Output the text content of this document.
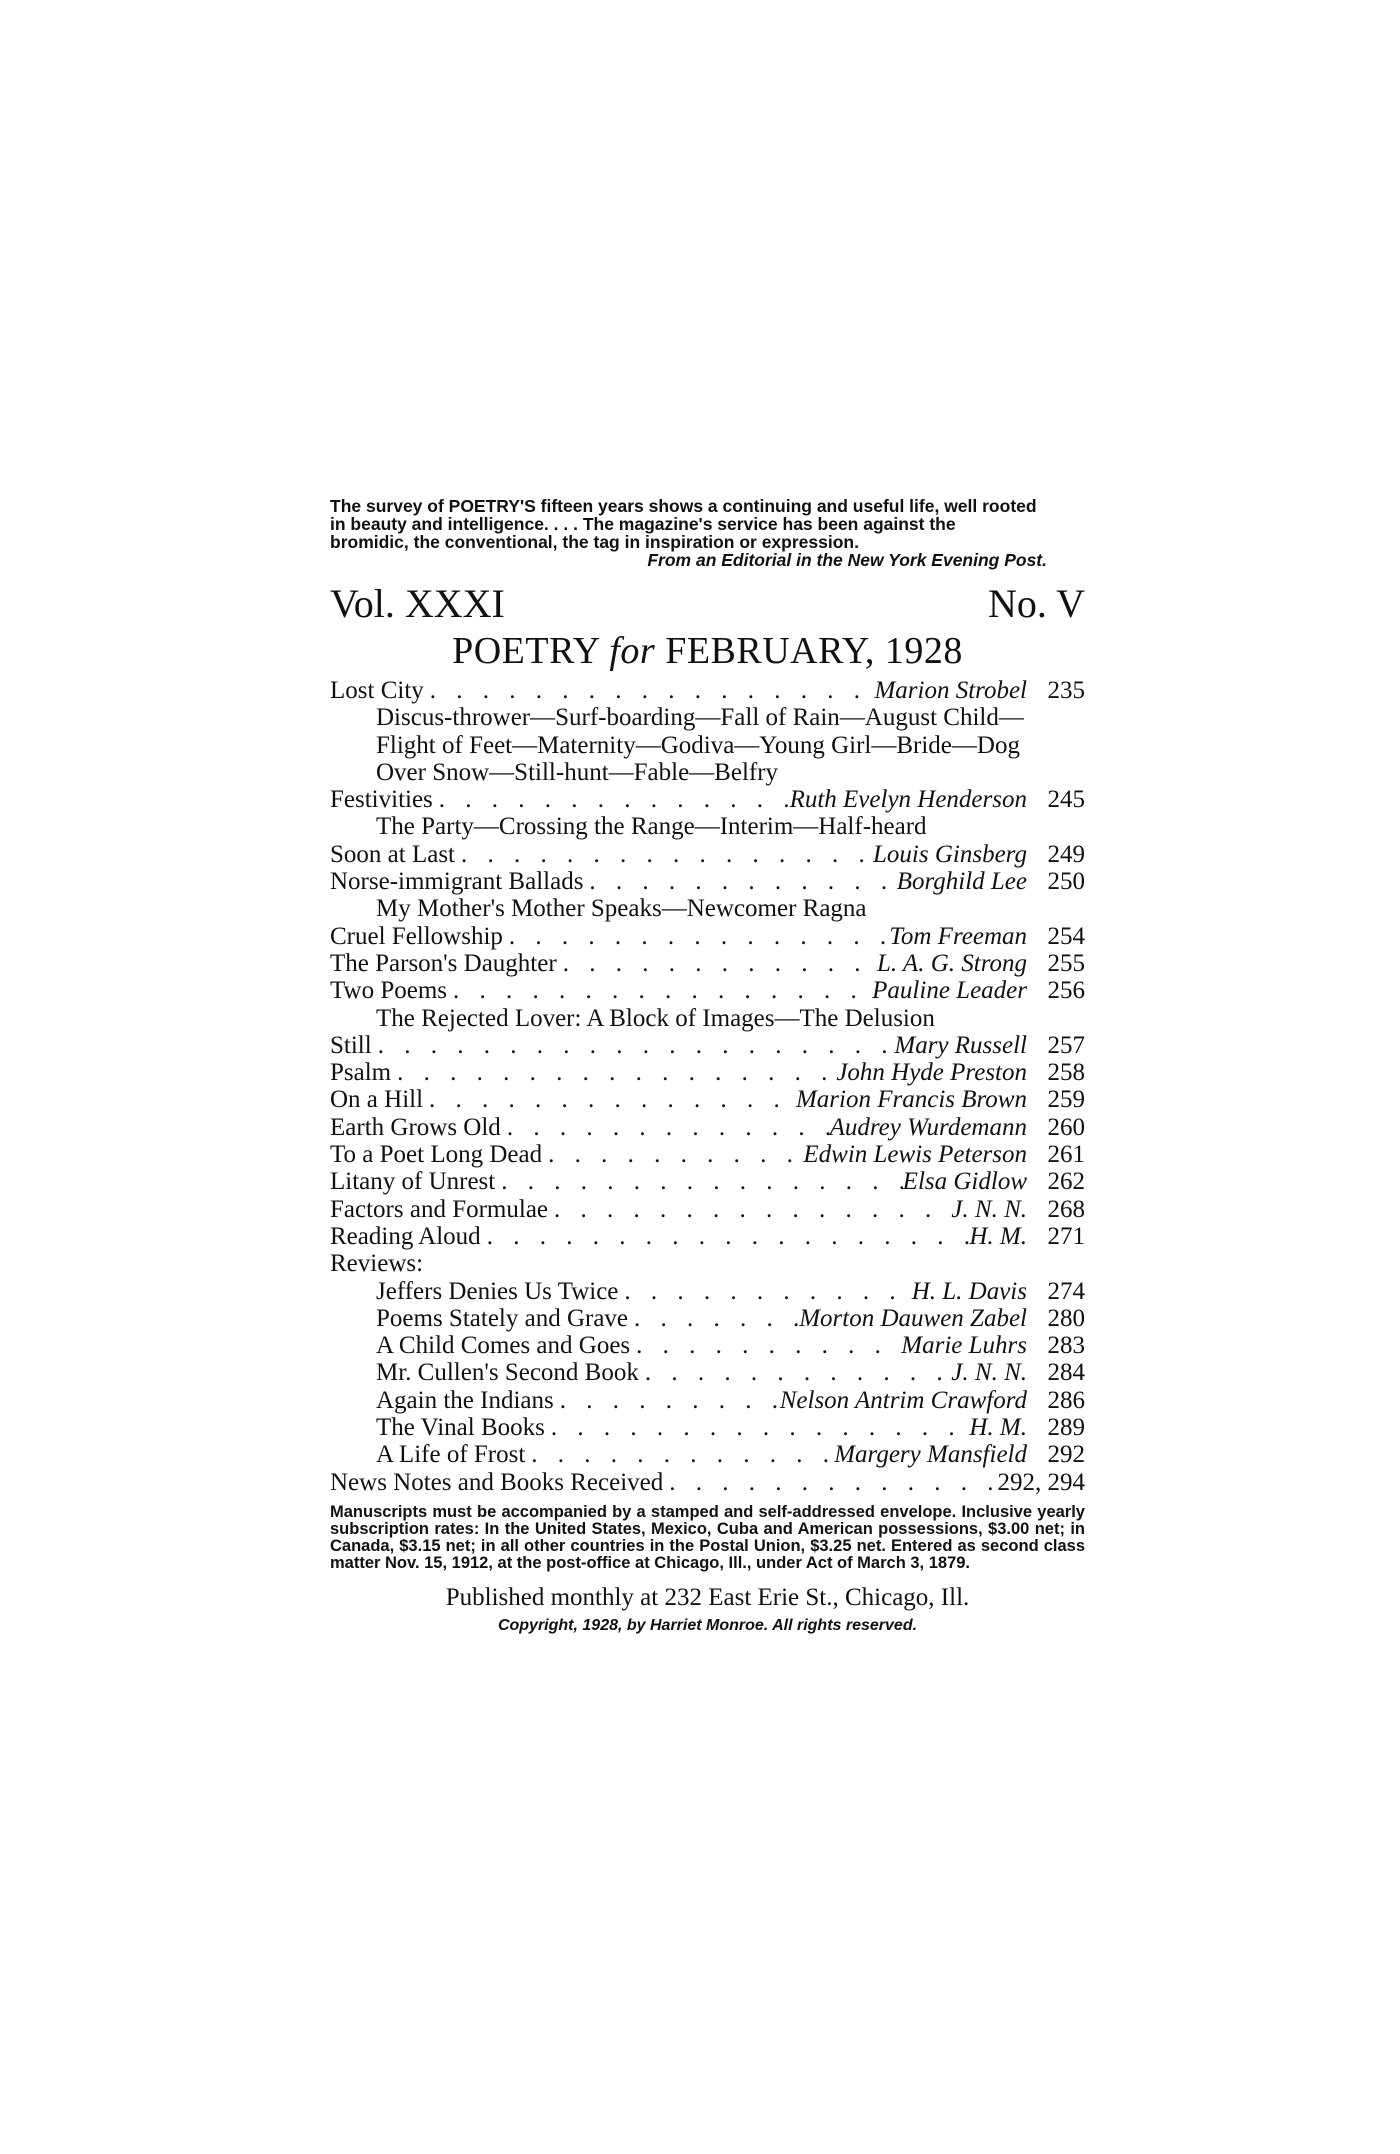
The survey of POETRY'S fifteen years shows a continuing and useful life, well rooted
in beauty and intelligence. . . . The magazine's service has been against the
bromidic, the conventional, the tag in inspiration or expression.
From an Editorial in the New York Evening Post.
Vol. XXXI	No. V
POETRY for FEBRUARY, 1928
Lost City . . .	Marion Strobel 235
Discus-thrower—Surf-boarding—Fall of Rain—August Child—
Flight of Feet—Maternity—Godiva—Young Girl—Bride—Dog
Over Snow—Still-hunt—Fable—Belfry
Festivities . . .	Ruth Evelyn Henderson 245
The Party—Crossing the Range—Interim—Half-heard
Soon at Last . . .	Louis Ginsberg 249
Norse-immigrant Ballads . . .	Borghild Lee 250
My Mother's Mother Speaks—Newcomer Ragna
Cruel Fellowship . . .	Tom Freeman 254
The Parson's Daughter . . .	L. A. G. Strong 255
Two Poems . . .	Pauline Leader 256
The Rejected Lover: A Block of Images—The Delusion
Still . . .	Mary Russell 257
Psalm . . .	John Hyde Preston 258
On a Hill . . .	Marion Francis Brown 259
Earth Grows Old . . .	Audrey Wurdemann 260
To a Poet Long Dead . . .	Edwin Lewis Peterson 261
Litany of Unrest . . .	Elsa Gidlow 262
Factors and Formulae . . .	J. N. N. 268
Reading Aloud . . .	H. M. 271
Reviews:
Jeffers Denies Us Twice . . .	H. L. Davis 274
Poems Stately and Grave . . .	Morton Dauwen Zabel 280
A Child Comes and Goes . . .	Marie Luhrs 283
Mr. Cullen's Second Book . . .	J. N. N. 284
Again the Indians . . .	Nelson Antrim Crawford 286
The Vinal Books . . .	H. M. 289
A Life of Frost . . .	Margery Mansfield 292
News Notes and Books Received . . .	292, 294
Manuscripts must be accompanied by a stamped and self-addressed envelope. Inclusive yearly subscription rates: In the United States, Mexico, Cuba and American possessions, $3.00 net; in Canada, $3.15 net; in all other countries in the Postal Union, $3.25 net. Entered as second class matter Nov. 15, 1912, at the post-office at Chicago, Ill., under Act of March 3, 1879.
Published monthly at 232 East Erie St., Chicago, Ill.
Copyright, 1928, by Harriet Monroe. All rights reserved.
